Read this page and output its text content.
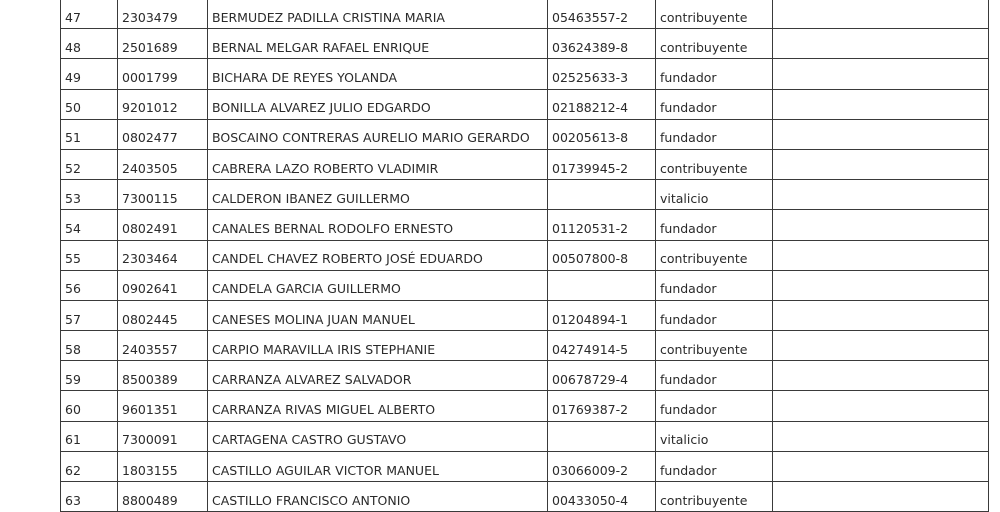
47	2303479	BERMUDEZ PADILLA CRISTINA MARIA	05463557-2	contribuyente	
48	2501689	BERNAL MELGAR RAFAEL ENRIQUE	03624389-8	contribuyente	
49	0001799	BICHARA DE REYES YOLANDA	02525633-3	fundador	
50	9201012	BONILLA ALVAREZ JULIO EDGARDO	02188212-4	fundador	
51	0802477	BOSCAINO CONTRERAS AURELIO MARIO GERARDO	00205613-8	fundador	
52	2403505	CABRERA LAZO ROBERTO VLADIMIR	01739945-2	contribuyente	
53	7300115	CALDERON IBANEZ GUILLERMO		vitalicio	
54	0802491	CANALES BERNAL RODOLFO ERNESTO	01120531-2	fundador	
55	2303464	CANDEL CHAVEZ ROBERTO JOSÉ EDUARDO	00507800-8	contribuyente	
56	0902641	CANDELA GARCIA GUILLERMO		fundador	
57	0802445	CANESES MOLINA JUAN MANUEL	01204894-1	fundador	
58	2403557	CARPIO MARAVILLA IRIS STEPHANIE	04274914-5	contribuyente	
59	8500389	CARRANZA ALVAREZ SALVADOR	00678729-4	fundador	
60	9601351	CARRANZA RIVAS MIGUEL ALBERTO	01769387-2	fundador	
61	7300091	CARTAGENA CASTRO GUSTAVO		vitalicio	
62	1803155	CASTILLO AGUILAR VICTOR MANUEL	03066009-2	fundador	
63	8800489	CASTILLO FRANCISCO ANTONIO	00433050-4	contribuyente	
